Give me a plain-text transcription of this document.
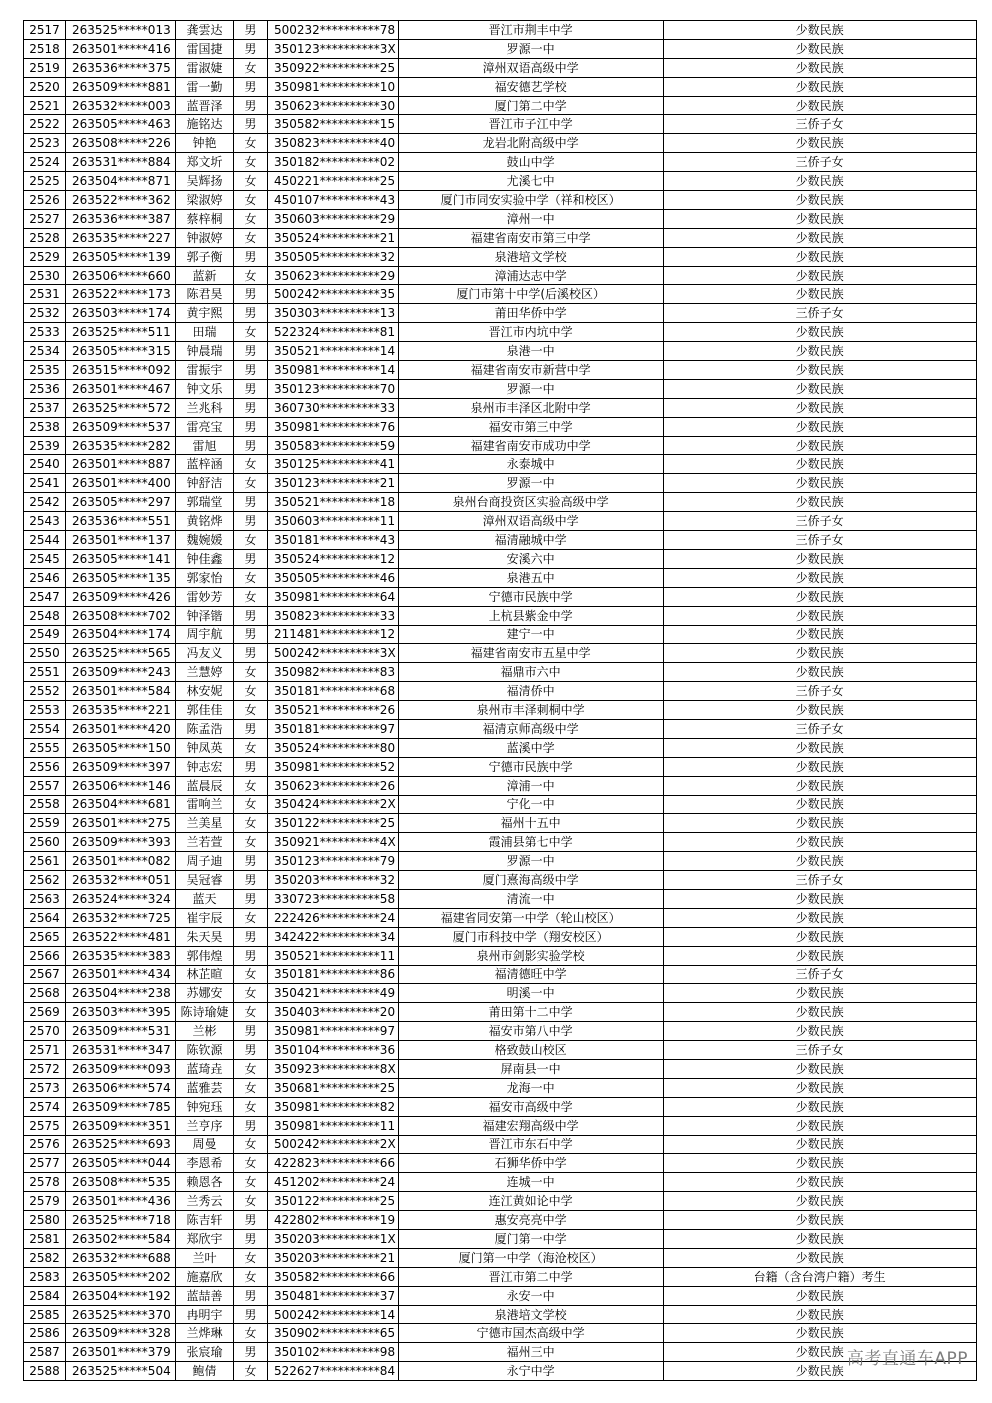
2517	263525*****013	龚雲达	男	500232**********78	晋江市荆丰中学	少数民族
2518	263501*****416	雷国捷	男	350123**********3X	罗源一中	少数民族
2519	263536*****375	雷淑婕	女	350922**********25	漳州双语高级中学	少数民族
2520	263509*****881	雷一勤	男	350981**********10	福安德艺学校	少数民族
2521	263532*****003	蓝晋泽	男	350623**********30	厦门第二中学	少数民族
2522	263505*****463	施铭达	男	350582**********15	晋江市子江中学	三侨子女
2523	263508*****226	钟艳	女	350823**********40	龙岩北附高级中学	少数民族
2524	263531*****884	郑文圻	女	350182**********02	鼓山中学	三侨子女
2525	263504*****871	吴辉扬	女	450221**********25	尤溪七中	少数民族
2526	263522*****362	梁淑婷	女	450107**********43	厦门市同安实验中学（祥和校区）	少数民族
2527	263536*****387	蔡梓桐	女	350603**********29	漳州一中	少数民族
2528	263535*****227	钟淑婷	女	350524**********21	福建省南安市第三中学	少数民族
2529	263505*****139	郭子衡	男	350505**********32	泉港培文学校	少数民族
2530	263506*****660	蓝新	女	350623**********29	漳浦达志中学	少数民族
2531	263522*****173	陈君昊	男	500242**********35	厦门市第十中学(后溪校区）	少数民族
2532	263503*****174	黄宇熙	男	350303**********13	莆田华侨中学	三侨子女
2533	263525*****511	田瑞	女	522324**********81	晋江市内坑中学	少数民族
2534	263505*****315	钟晨瑞	男	350521**********14	泉港一中	少数民族
2535	263515*****092	雷振宇	男	350981**********14	福建省南安市新营中学	少数民族
2536	263501*****467	钟文乐	男	350123**********70	罗源一中	少数民族
2537	263525*****572	兰兆科	男	360730**********33	泉州市丰泽区北附中学	少数民族
2538	263509*****537	雷亮宝	男	350981**********76	福安市第三中学	少数民族
2539	263535*****282	雷旭	男	350583**********59	福建省南安市成功中学	少数民族
2540	263501*****887	蓝梓涵	女	350125**********41	永泰城中	少数民族
2541	263501*****400	钟舒洁	女	350123**********21	罗源一中	少数民族
2542	263505*****297	郭瑞堂	男	350521**********18	泉州台商投资区实验高级中学	少数民族
2543	263536*****551	黄铭烨	男	350603**********11	漳州双语高级中学	三侨子女
2544	263501*****137	魏婉媛	女	350181**********43	福清融城中学	三侨子女
2545	263505*****141	钟佳鑫	男	350524**********12	安溪六中	少数民族
2546	263505*****135	郭家怡	女	350505**********46	泉港五中	少数民族
2547	263509*****426	雷妙芳	女	350981**********64	宁德市民族中学	少数民族
2548	263508*****702	钟泽锴	男	350823**********33	上杭县紫金中学	少数民族
2549	263504*****174	周宇航	男	211481**********12	建宁一中	少数民族
2550	263525*****565	冯友义	男	500242**********3X	福建省南安市五星中学	少数民族
2551	263509*****243	兰慧婷	女	350982**********83	福鼎市六中	少数民族
2552	263501*****584	林安妮	女	350181**********68	福清侨中	三侨子女
2553	263535*****221	郭佳佳	女	350521**********26	泉州市丰泽刺桐中学	少数民族
2554	263501*****420	陈孟浩	男	350181**********97	福清京师高级中学	三侨子女
2555	263505*****150	钟凤英	女	350524**********80	蓝溪中学	少数民族
2556	263509*****397	钟志宏	男	350981**********52	宁德市民族中学	少数民族
2557	263506*****146	蓝晨辰	女	350623**********26	漳浦一中	少数民族
2558	263504*****681	雷响兰	女	350424**********2X	宁化一中	少数民族
2559	263501*****275	兰美星	女	350122**********25	福州十五中	少数民族
2560	263509*****393	兰若萱	女	350921**********4X	霞浦县第七中学	少数民族
2561	263501*****082	周子迪	男	350123**********79	罗源一中	少数民族
2562	263532*****051	吴冠睿	男	350203**********32	厦门熹海高级中学	三侨子女
2563	263524*****324	蓝天	男	330723**********58	清流一中	少数民族
2564	263532*****725	崔宇辰	女	222426**********24	福建省同安第一中学（轮山校区）	少数民族
2565	263522*****481	朱天昊	男	342422**********34	厦门市科技中学（翔安校区）	少数民族
2566	263535*****383	郭伟煌	男	350521**********11	泉州市剑影实验学校	少数民族
2567	263501*****434	林芷暄	女	350181**********86	福清德旺中学	三侨子女
2568	263504*****238	苏娜安	女	350421**********49	明溪一中	少数民族
2569	263503*****395	陈诗瑜婕	女	350403**********20	莆田第十二中学	少数民族
2570	263509*****531	兰彬	男	350981**********97	福安市第八中学	少数民族
2571	263531*****347	陈钦源	男	350104**********36	格致鼓山校区	三侨子女
2572	263509*****093	蓝琦垚	女	350923**********8X	屏南县一中	少数民族
2573	263506*****574	蓝雅芸	女	350681**********25	龙海一中	少数民族
2574	263509*****785	钟宛珏	女	350981**********82	福安市高级中学	少数民族
2575	263509*****351	兰亨序	男	350981**********11	福建宏翔高级中学	少数民族
2576	263525*****693	周曼	女	500242**********2X	晋江市东石中学	少数民族
2577	263505*****044	李恩希	女	422823**********66	石狮华侨中学	少数民族
2578	263508*****535	赖恩各	女	451202**********24	连城一中	少数民族
2579	263501*****436	兰秀云	女	350122**********25	连江黄如论中学	少数民族
2580	263525*****718	陈吉轩	男	422802**********19	惠安亮亮中学	少数民族
2581	263502*****584	郑欣宇	男	350203**********1X	厦门第一中学	少数民族
2582	263532*****688	兰叶	女	350203**********21	厦门第一中学（海沧校区）	少数民族
2583	263505*****202	施嘉欣	女	350582**********66	晋江市第二中学	台籍（含台湾户籍）考生
2584	263504*****192	蓝喆善	男	350481**********37	永安一中	少数民族
2585	263525*****370	冉明宇	男	500242**********14	泉港培文学校	少数民族
2586	263509*****328	兰烨琳	女	350902**********65	宁德市国杰高级中学	少数民族
2587	263501*****379	张宸瑜	男	350102**********98	福州三中	少数民族
2588	263525*****504	鲍倩	女	522627**********84	永宁中学	少数民族
高考直通车APP
